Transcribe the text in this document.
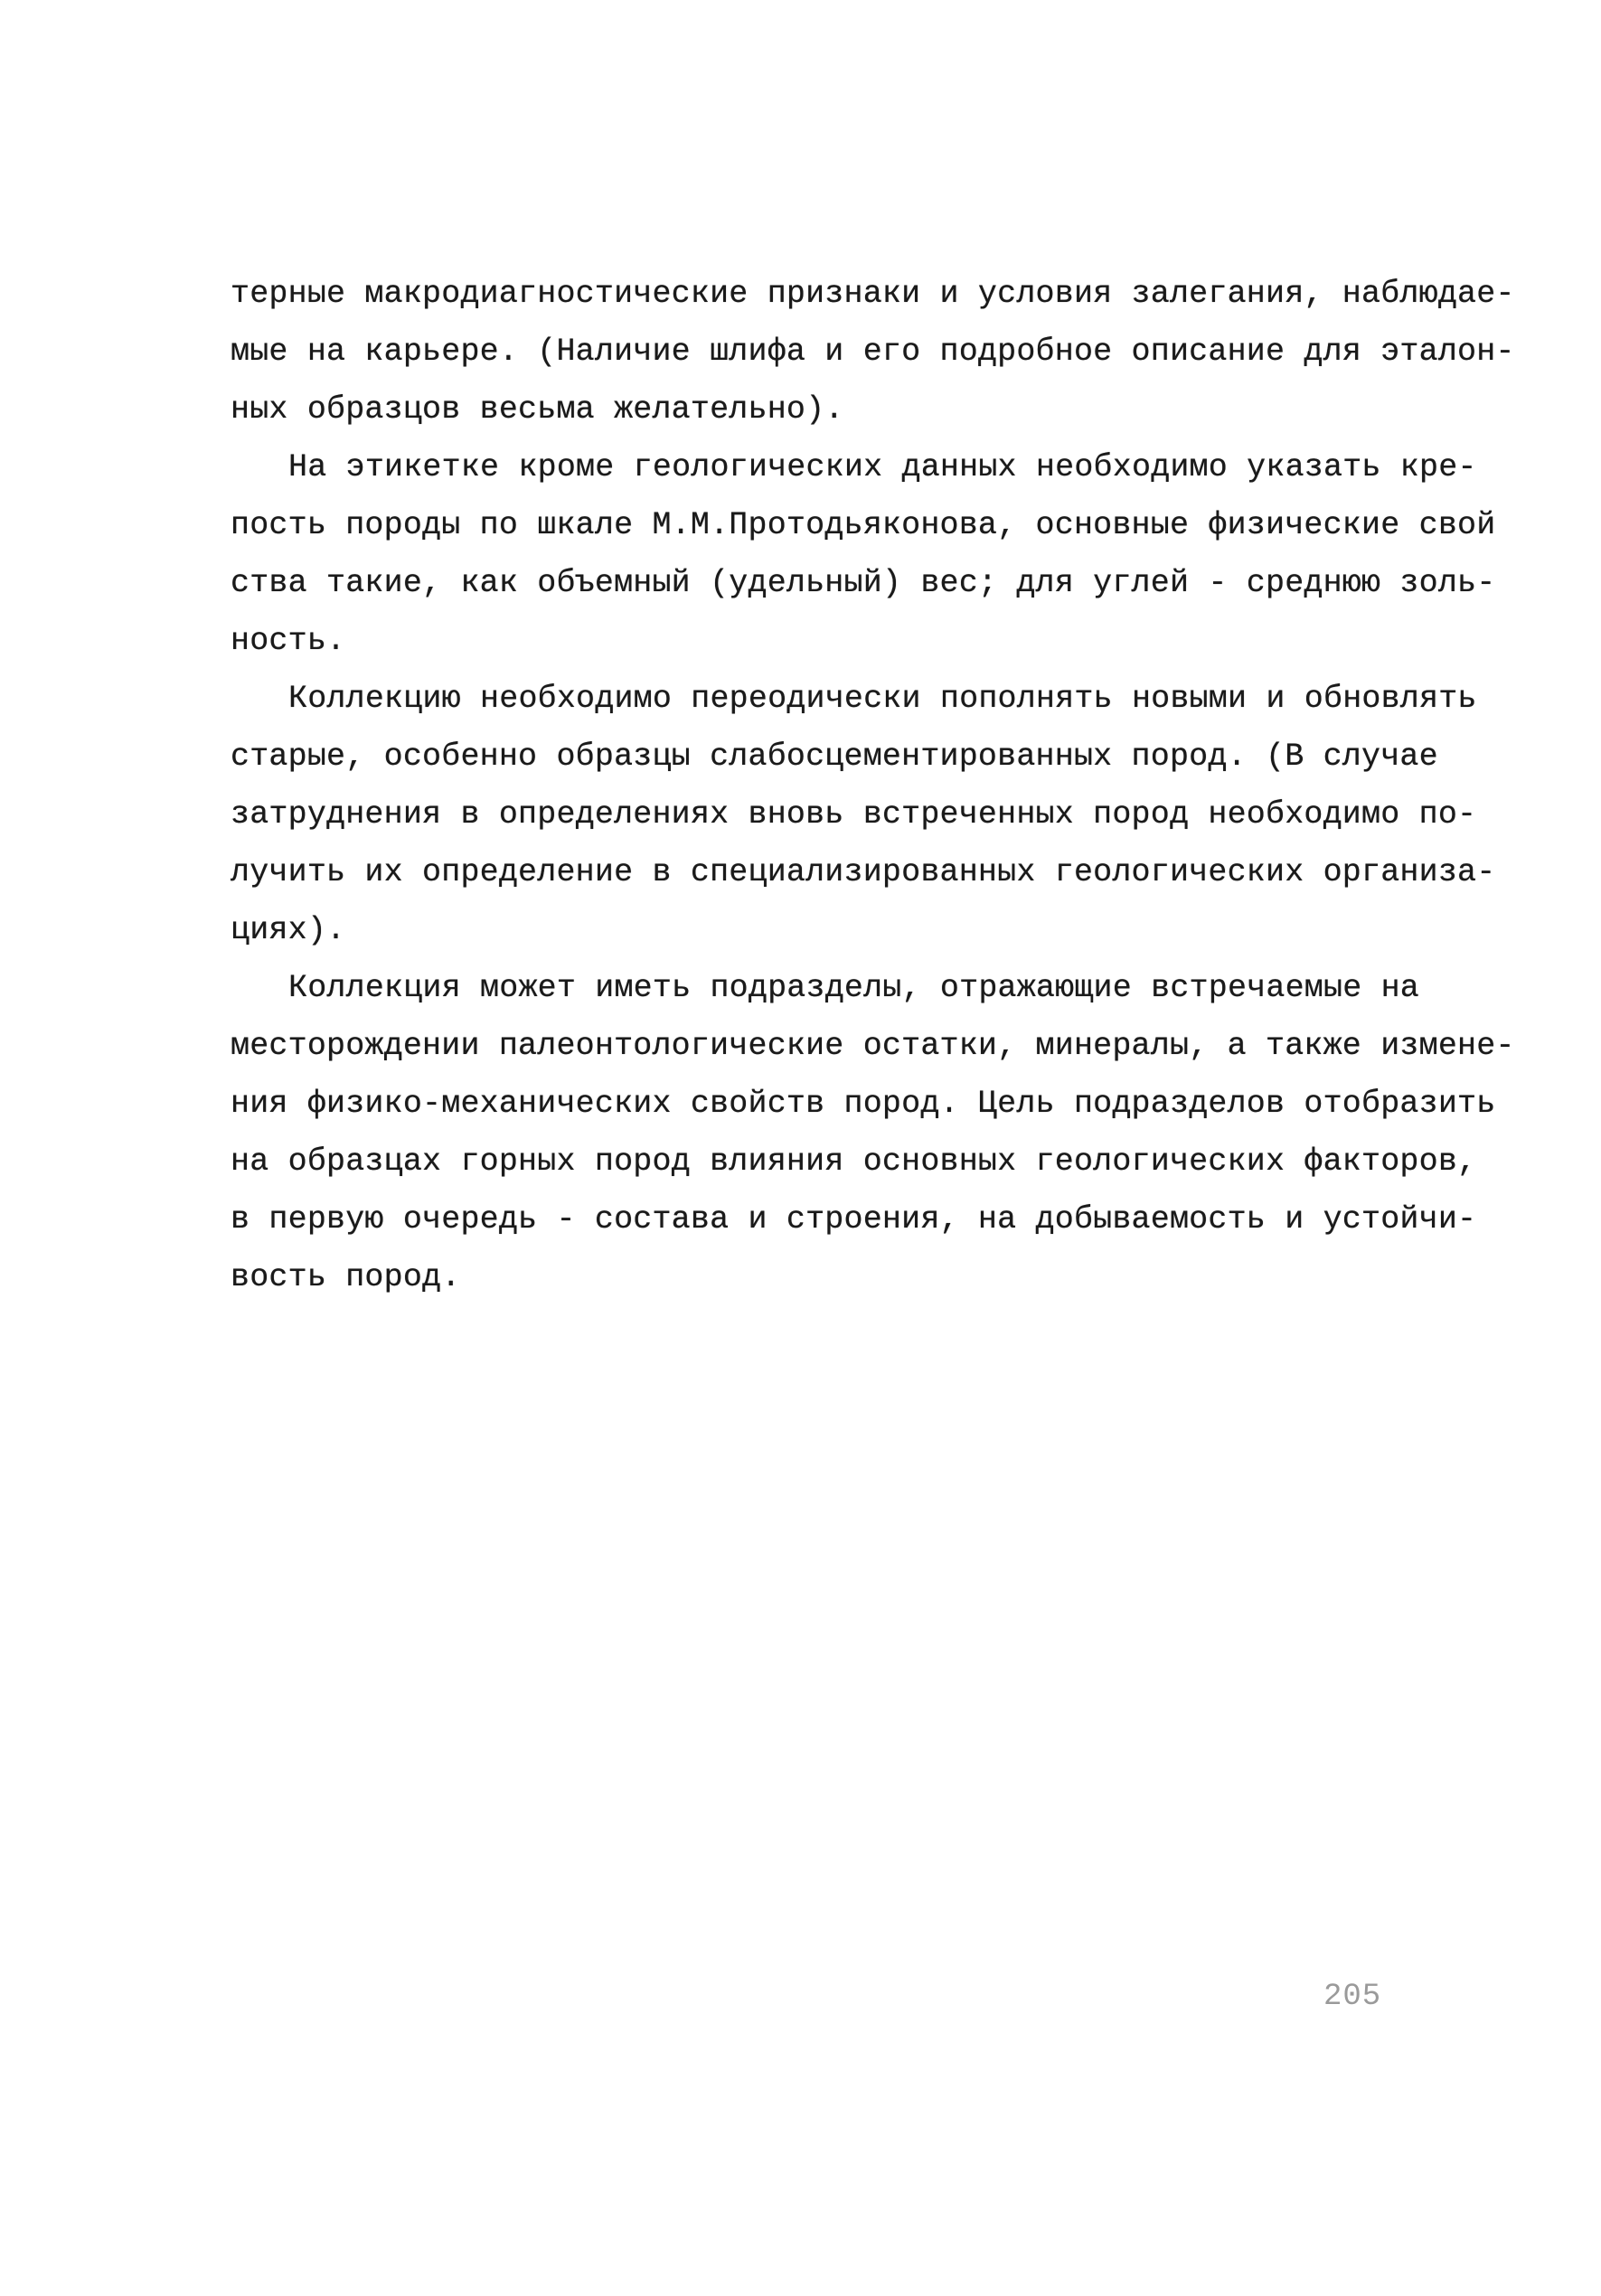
терные макродиагностические признаки и условия залегания, наблюдае-
мые на карьере. (Наличие шлифа и его подробное описание для эталон-
ных образцов весьма желательно).
На этикетке кроме геологических данных необходимо указать кре-
пость породы по шкале М.М.Протодьяконова, основные физические свой
ства такие, как объемный (удельный) вес; для углей - среднюю золь-
ность.
Коллекцию необходимо переодически пополнять новыми и обновлять
старые, особенно образцы слабосцементированных пород. (В случае
затруднения в определениях вновь встреченных пород необходимо по-
лучить их определение в специализированных геологических организа-
циях).
Коллекция может иметь подразделы, отражающие встречаемые на
месторождении палеонтологические остатки, минералы, а также измене-
ния физико-механических свойств пород. Цель подразделов отобразить
на образцах горных пород влияния основных геологических факторов,
в первую очередь - состава и строения, на добываемость и устойчи-
вость пород.
205
